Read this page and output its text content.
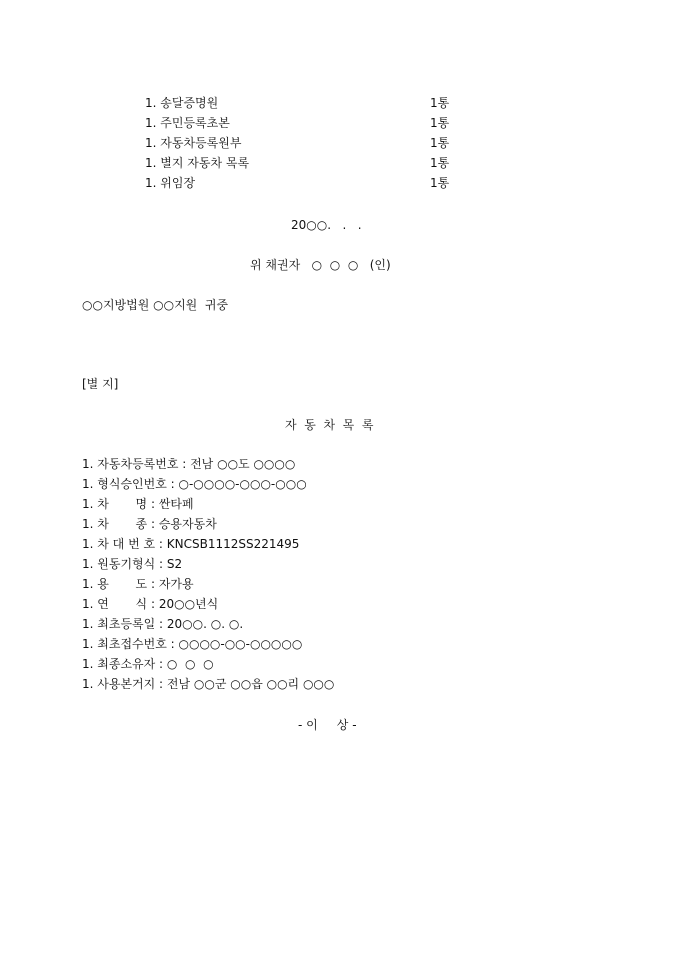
1. 송달증명원	1통
1. 주민등록초본	1통
1. 자동차등록원부	1통
1. 별지 자동차 목록	1통
1. 위임장	1통
20○○.   .   .
위 채권자   ○  ○  ○   (인)
○○지방법원 ○○지원  귀중
[별 지]
자  동  차  목  록
1. 자동차등록번호 : 전남 ○○도 ○○○○
1. 형식승인번호 : ○-○○○○-○○○-○○○
1. 차       명 : 싼타페
1. 차       종 : 승용자동차
1. 차 대 번 호 : KNCSB1112SS221495
1. 원동기형식 : S2
1. 용       도 : 자가용
1. 연       식 : 20○○년식
1. 최초등록일 : 20○○. ○. ○.
1. 최초접수번호 : ○○○○-○○-○○○○○
1. 최종소유자 : ○  ○  ○
1. 사용본거지 : 전남 ○○군 ○○읍 ○○리 ○○○
- 이     상 -
